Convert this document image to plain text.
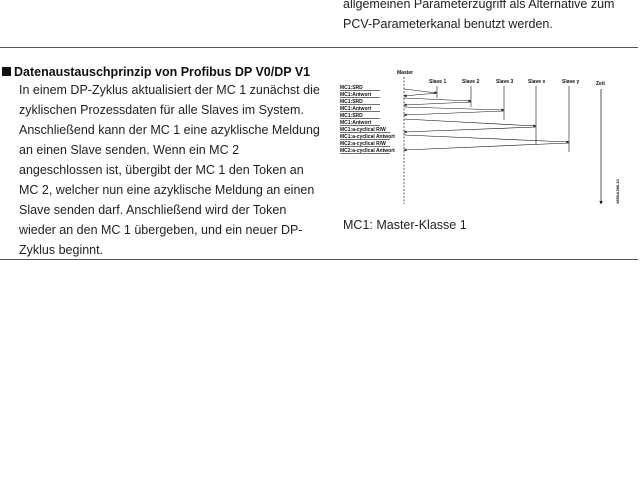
allgemeinen Parameterzugriff als Alternative zum
PCV-Parameterkanal benutzt werden.
Datenaustauschprinzip von Profibus DP V0/DP V1
In einem DP-Zyklus aktualisiert der MC 1 zunächst die zyklischen Prozessdaten für alle Slaves im System. Anschließend kann der MC 1 eine azyklische Meldung an einen Slave senden. Wenn ein MC 2 angeschlossen ist, übergibt der MC 1 den Token an MC 2, welcher nun eine azyklische Meldung an einen Slave senden darf. Anschließend wird der Token wieder an den MC 1 übergeben, und ein neuer DP-Zyklus beginnt.
Master
Slave 1	Slave 2	Slave 3	Slave x	Slave y	Zeit
MC1:SRD
MC1:Antwort
MC1:SRD
MC1:Antwort
MC1:SRD
MC1:Antwort
MC1:a-cyclical R/W
MC1:a-cyclical Antwort
MC2:a-cyclical R/W
MC2:a-cyclical Antwort
195NA286.10
MC1: Master-Klasse 1
